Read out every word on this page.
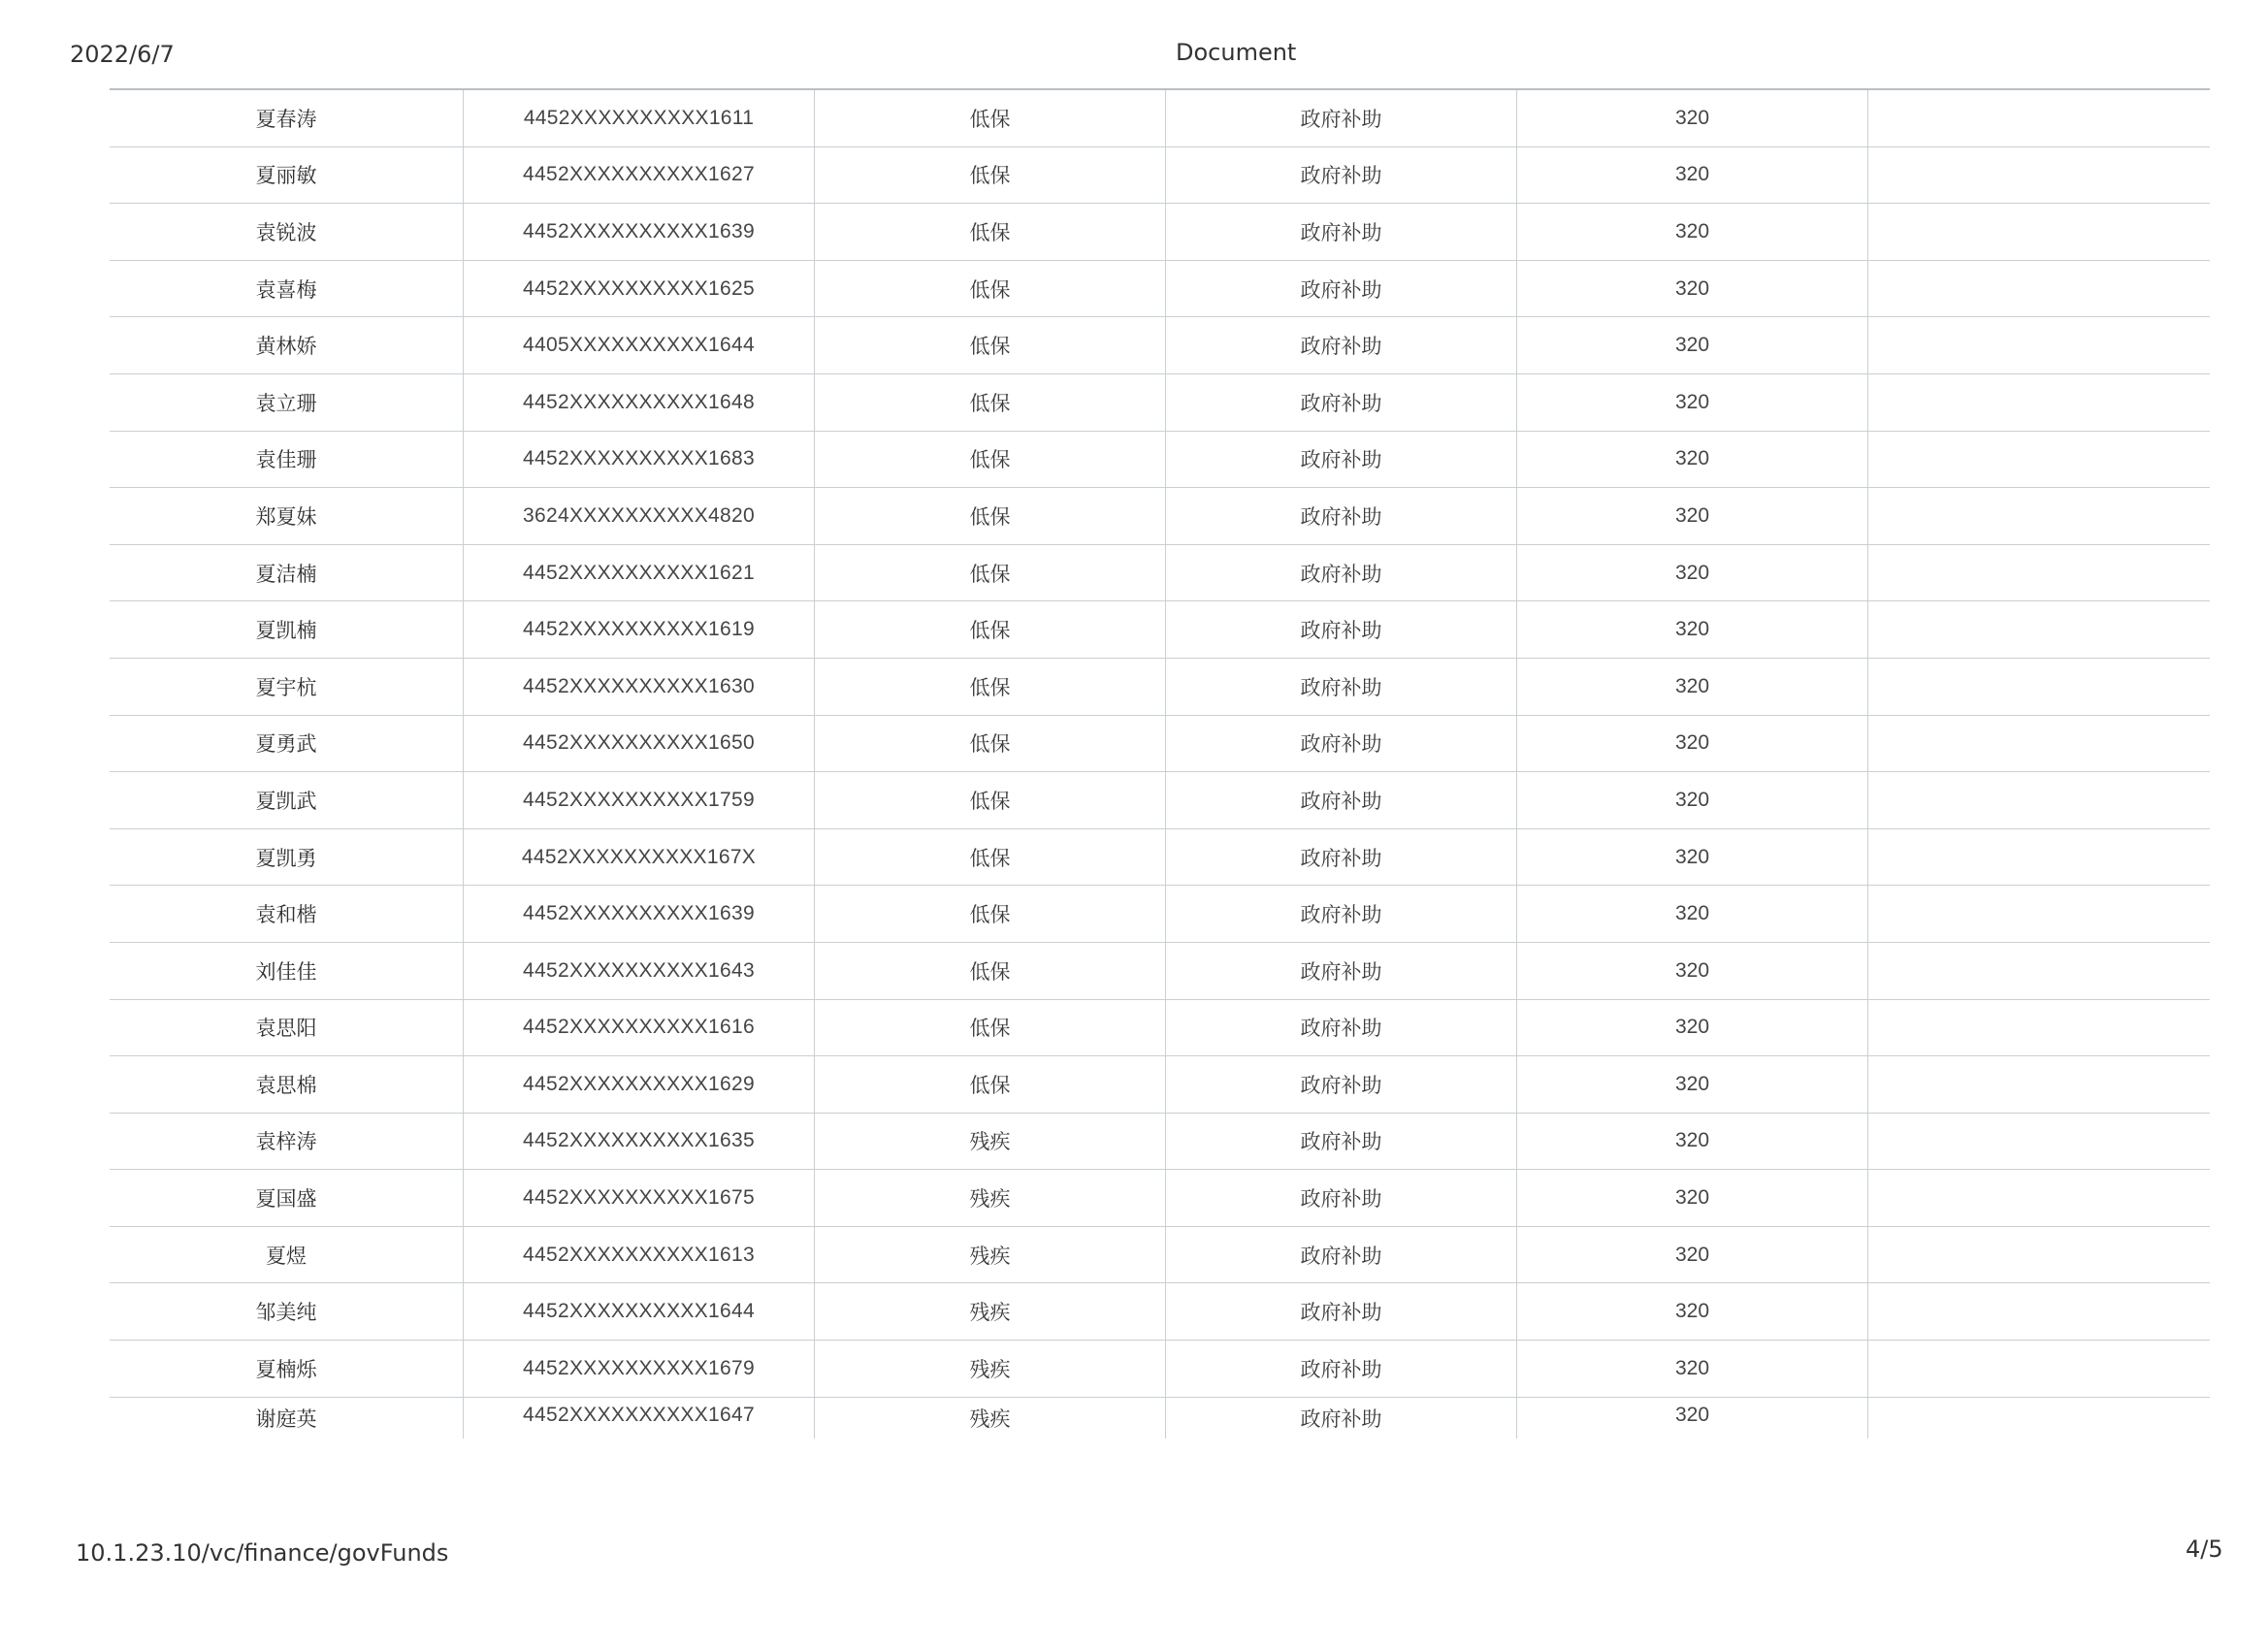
2022/6/7	Document
夏春涛	4452XXXXXXXXXX1611	低保	政府补助	320
夏丽敏	4452XXXXXXXXXX1627	低保	政府补助	320
袁锐波	4452XXXXXXXXXX1639	低保	政府补助	320
袁喜梅	4452XXXXXXXXXX1625	低保	政府补助	320
黄林娇	4405XXXXXXXXXX1644	低保	政府补助	320
袁立珊	4452XXXXXXXXXX1648	低保	政府补助	320
袁佳珊	4452XXXXXXXXXX1683	低保	政府补助	320
郑夏妹	3624XXXXXXXXXX4820	低保	政府补助	320
夏洁楠	4452XXXXXXXXXX1621	低保	政府补助	320
夏凯楠	4452XXXXXXXXXX1619	低保	政府补助	320
夏宇杭	4452XXXXXXXXXX1630	低保	政府补助	320
夏勇武	4452XXXXXXXXXX1650	低保	政府补助	320
夏凯武	4452XXXXXXXXXX1759	低保	政府补助	320
夏凯勇	4452XXXXXXXXXX167X	低保	政府补助	320
袁和楷	4452XXXXXXXXXX1639	低保	政府补助	320
刘佳佳	4452XXXXXXXXXX1643	低保	政府补助	320
袁思阳	4452XXXXXXXXXX1616	低保	政府补助	320
袁思棉	4452XXXXXXXXXX1629	低保	政府补助	320
袁梓涛	4452XXXXXXXXXX1635	残疾	政府补助	320
夏国盛	4452XXXXXXXXXX1675	残疾	政府补助	320
夏煜	4452XXXXXXXXXX1613	残疾	政府补助	320
邹美纯	4452XXXXXXXXXX1644	残疾	政府补助	320
夏楠烁	4452XXXXXXXXXX1679	残疾	政府补助	320
谢庭英	4452XXXXXXXXXX1647	残疾	政府补助	320
10.1.23.10/vc/finance/govFunds	4/5
